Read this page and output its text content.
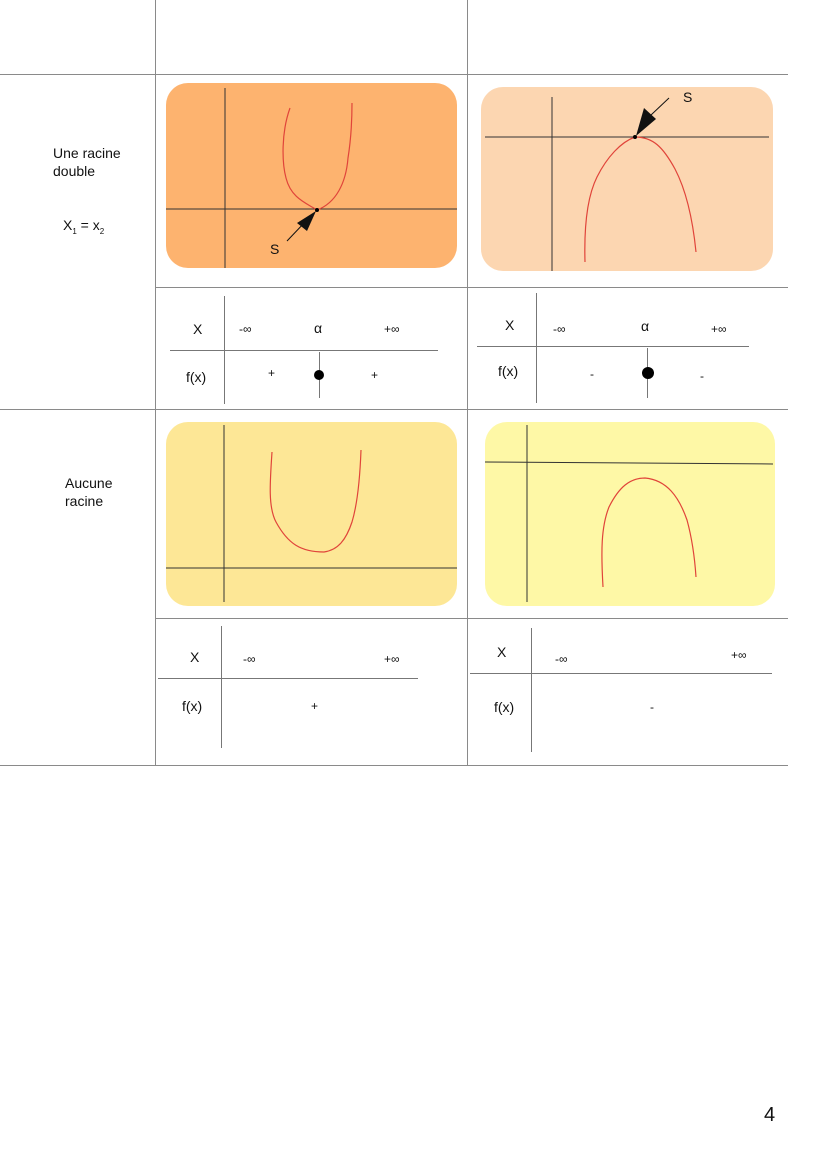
Une racine
double
$X_1 = x_2$
S
S
X	-∞	α	+∞
f(x)	+	+
X	-∞	α	+∞
f(x)	-	-
Aucune
racine
X	-∞	+∞
f(x)	+
X	-∞	+∞
f(x)	-
4
